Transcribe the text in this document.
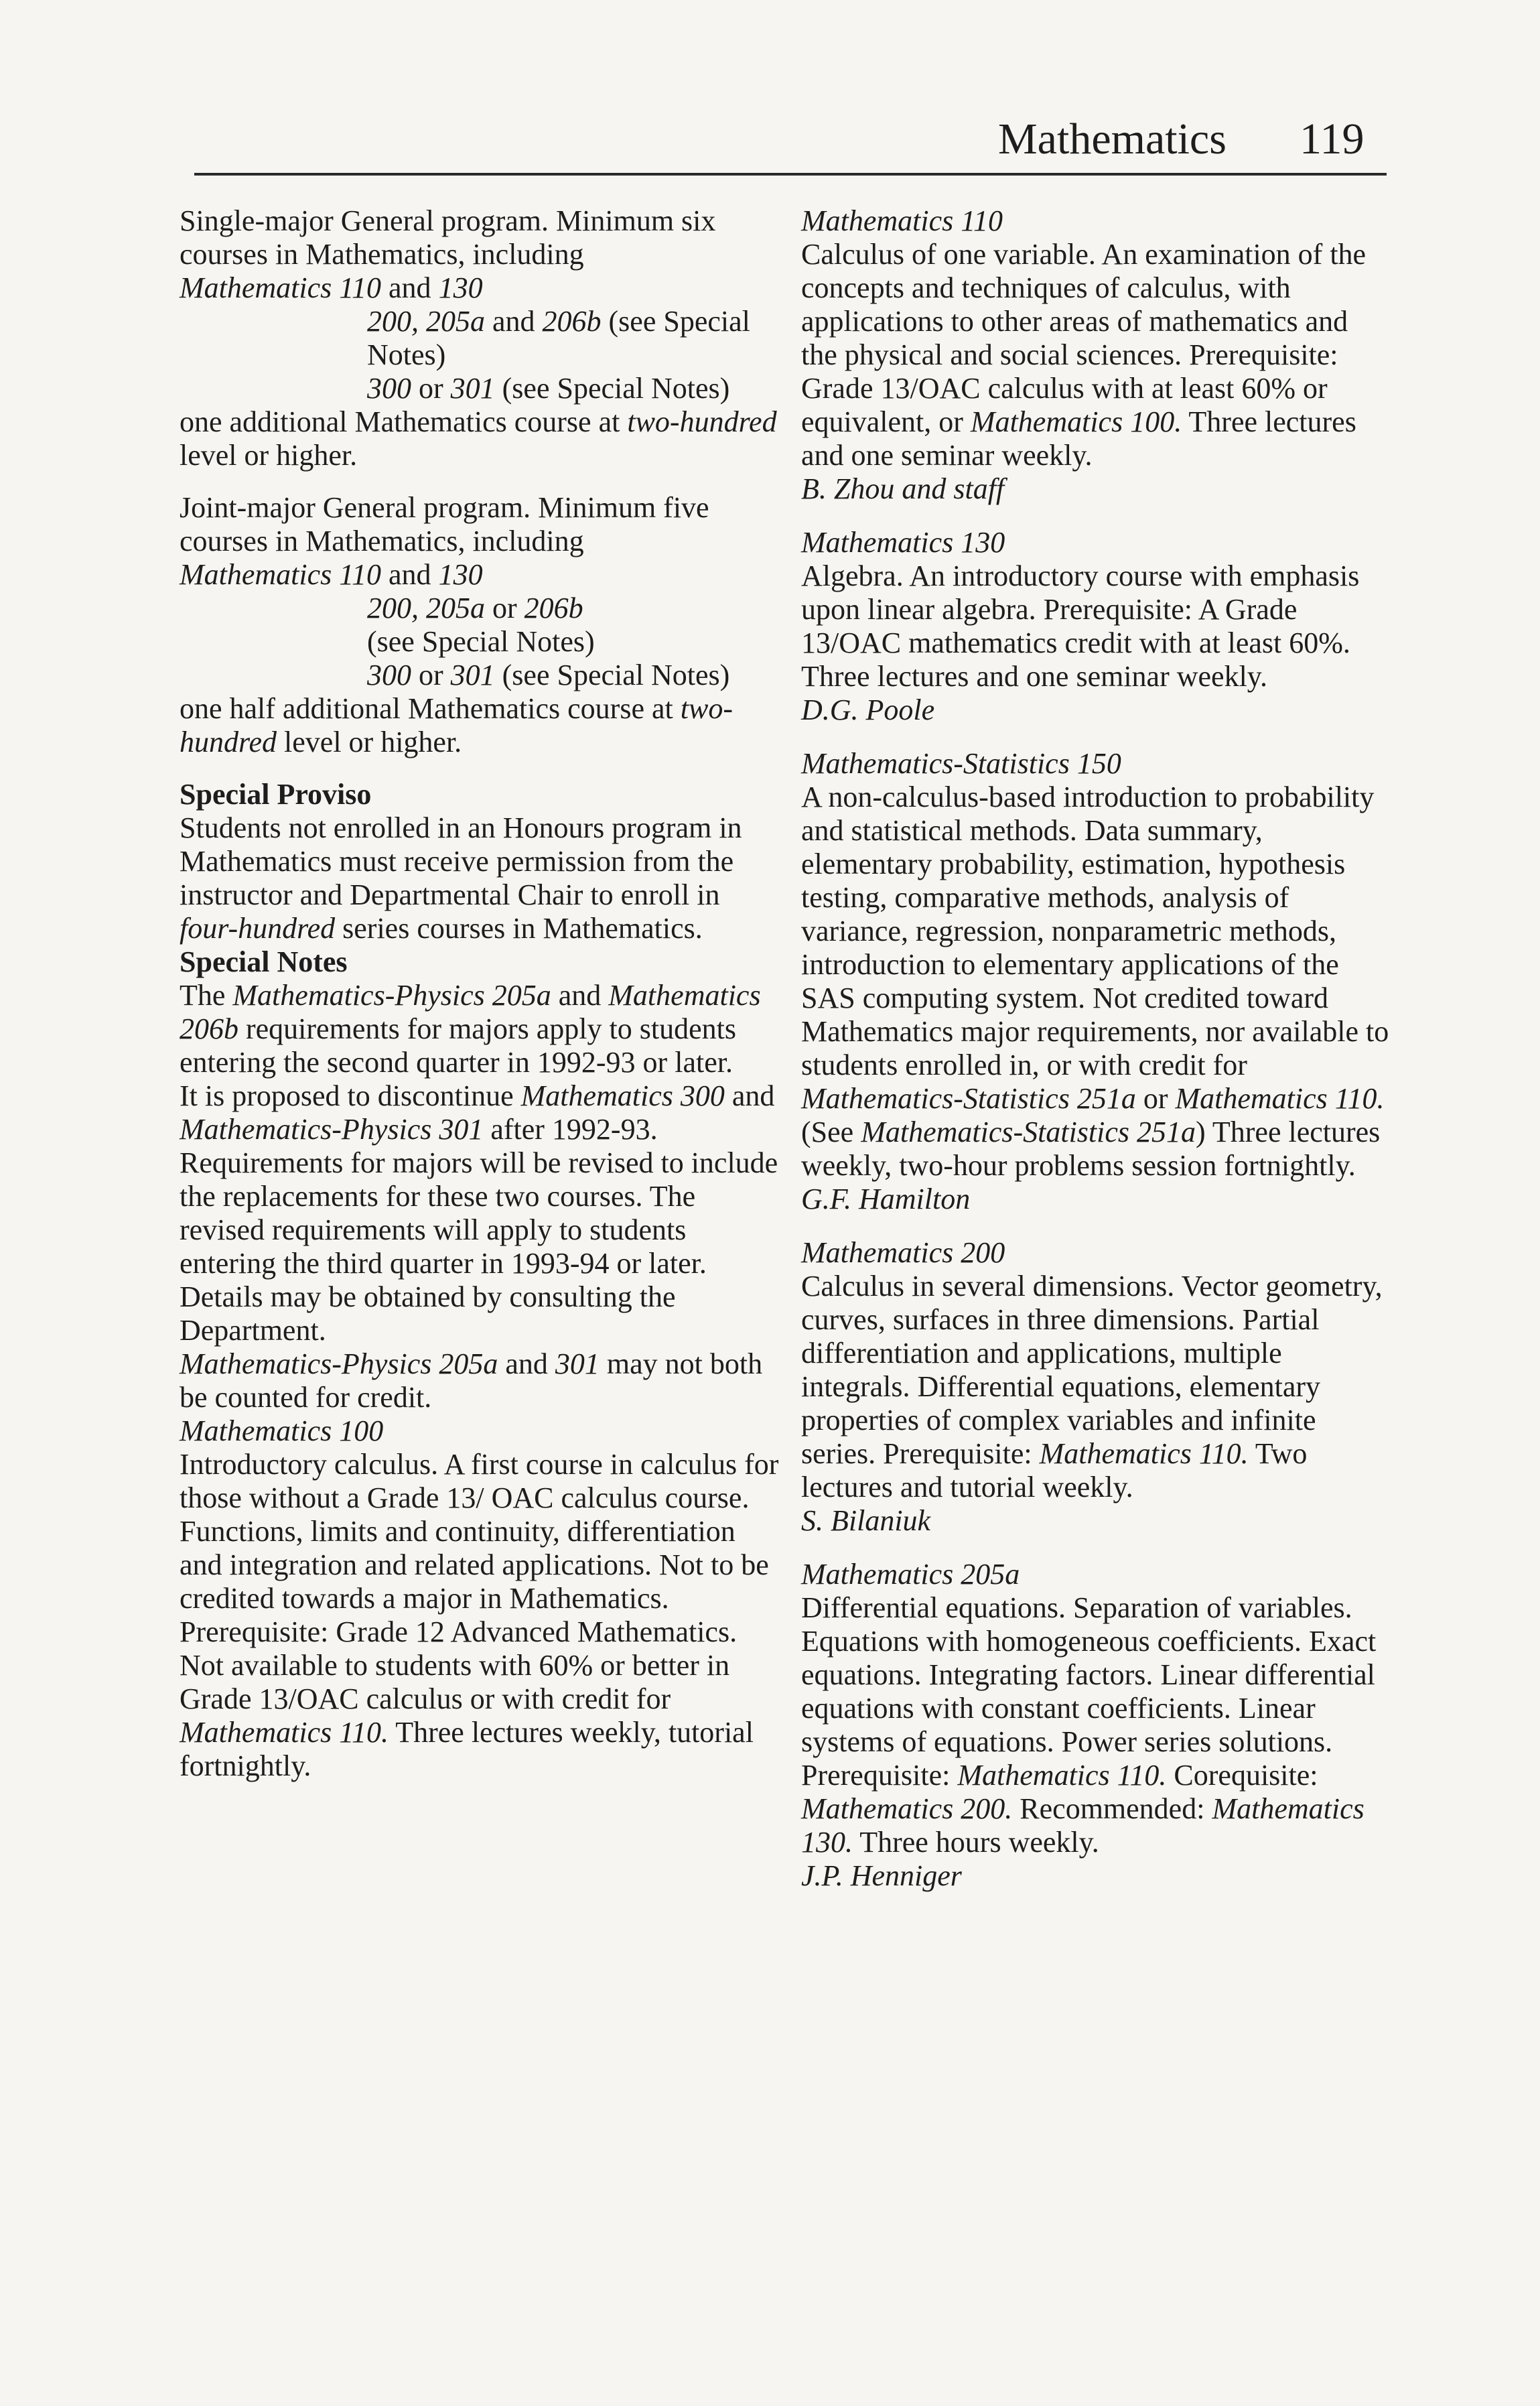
Mathematics 119

Single-major General program. Minimum six courses in Mathematics, including

Mathematics 110 and 130

200, 205a and 206b (see Special Notes)

300 or 301 (see Special Notes)

one additional Mathematics course at two-hundred level or higher.

Joint-major General program. Minimum five courses in Mathematics, including

Mathematics 110 and 130

200, 205a or 206b

(see Special Notes)

300 or 301 (see Special Notes)

one half additional Mathematics course at two-hundred level or higher.

Special Proviso

Students not enrolled in an Honours program in Mathematics must receive permission from the instructor and Departmental Chair to enroll in four-hundred series courses in Mathematics.

Special Notes

The Mathematics-Physics 205a and Mathematics 206b requirements for majors apply to students entering the second quarter in 1992-93 or later.

It is proposed to discontinue Mathematics 300 and Mathematics-Physics 301 after 1992-93. Requirements for majors will be revised to include the replacements for these two courses. The revised requirements will apply to students entering the third quarter in 1993-94 or later. Details may be obtained by consulting the Department.

Mathematics-Physics 205a and 301 may not both be counted for credit.

Mathematics 100

Introductory calculus. A first course in calculus for those without a Grade 13/ OAC calculus course. Functions, limits and continuity, differentiation and integration and related applications. Not to be credited towards a major in Mathematics. Prerequisite: Grade 12 Advanced Mathematics. Not available to students with 60% or better in Grade 13/OAC calculus or with credit for Mathematics 110. Three lectures weekly, tutorial fortnightly.

Mathematics 110

Calculus of one variable. An examination of the concepts and techniques of calculus, with applications to other areas of mathematics and the physical and social sciences. Prerequisite: Grade 13/OAC calculus with at least 60% or equivalent, or Mathematics 100. Three lectures and one seminar weekly.

B. Zhou and staff

Mathematics 130

Algebra. An introductory course with emphasis upon linear algebra. Prerequisite: A Grade 13/OAC mathematics credit with at least 60%. Three lectures and one seminar weekly.

D.G. Poole

Mathematics-Statistics 150

A non-calculus-based introduction to probability and statistical methods. Data summary, elementary probability, estimation, hypothesis testing, comparative methods, analysis of variance, regression, nonparametric methods, introduction to elementary applications of the SAS computing system. Not credited toward Mathematics major requirements, nor available to students enrolled in, or with credit for Mathematics-Statistics 251a or Mathematics 110. (See Mathematics-Statistics 251a) Three lectures weekly, two-hour problems session fortnightly.

G.F. Hamilton

Mathematics 200

Calculus in several dimensions. Vector geometry, curves, surfaces in three dimensions. Partial differentiation and applications, multiple integrals. Differential equations, elementary properties of complex variables and infinite series. Prerequisite: Mathematics 110. Two lectures and tutorial weekly.

S. Bilaniuk

Mathematics 205a

Differential equations. Separation of variables. Equations with homogeneous coefficients. Exact equations. Integrating factors. Linear differential equations with constant coefficients. Linear systems of equations. Power series solutions. Prerequisite: Mathematics 110. Corequisite: Mathematics 200. Recommended: Mathematics 130. Three hours weekly.

J.P. Henniger
